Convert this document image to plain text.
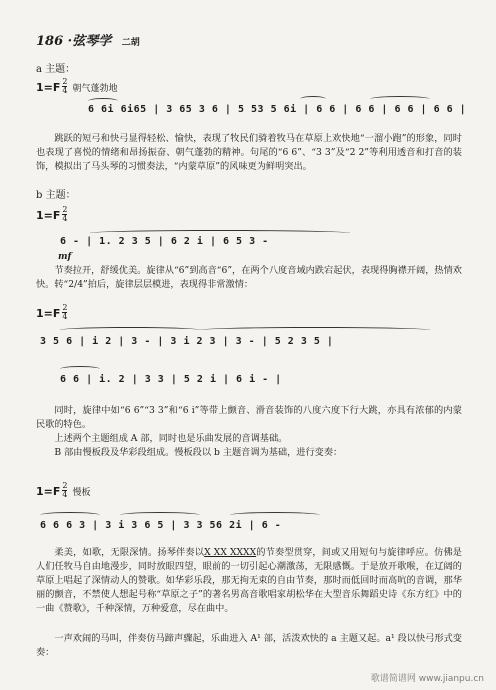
186 ·弦琴学 二胡
a 主题：
$1=F \frac{2}{4}$ 朝气蓬勃地
6 6i 6i65 | 3 65 3 6 | 5 53 5 6i | 6 6 | 6 6 | 6 6 | 6 6 |

跳跃的短弓和快弓显得轻松、愉快，表现了牧民们骑着牧马在草原上欢快地“一溜小跑”的形象，同时也表现了喜悦的情绪和昂扬振奋、朝气蓬勃的精神。句尾的“6 6”、“3 3”及“2 2”等利用透音和打音的装饰，模拟出了马头琴的习惯奏法，“内蒙草原”的风味更为鲜明突出。

b 主题：
$1=F \frac{2}{4}$
6 - | 1. 2 3 5 | 6 2 i | 6 5 3 -
mf

节奏拉开，舒缓优美。旋律从“6”到高音“6”，在两个八度音域内跌宕起伏，表现得胸襟开阔，热情欢快。转“2/4”拍后，旋律层层模进，表现得非常激情：

$1=F \frac{2}{4}$
3 5 6 | i 2 | 3 - | 3 i 2 3 | 3 - | 5 2 3 5 |
6 6 | i. 2 | 3 3 | 5 2 i | 6 i - |

同时，旋律中如“6 6”“3 3”和“6 i”等带上颤音、滑音装饰的八度六度下行大跳，亦具有浓郁的内蒙民歌的特色。

上述两个主题组成 A 部，同时也是乐曲发展的音调基础。

B 部由慢板段及华彩段组成。慢板段以 b 主题音调为基础，进行变奏：

$1=F \frac{2}{4}$ 慢板
6 6 6 3 | 3 i 3 6 5 | 3 3 56 2i | 6 -

柔美，如歌，无限深情。扬琴伴奏以X XX XXXX的节奏型贯穿，间或又用短句与旋律呼应。仿佛是人们任牧马自由地漫步，同时放眼四望，眼前的一切引起心潮激荡，无限感慨。于是放开歌喉，在辽阔的草原上唱起了深情动人的赞歌。如华彩乐段，那无拘无束的自由节奏，那时而低回时而高吭的音调，那华丽的颤音，不禁使人想起号称“草原之子”的著名男高音歌唱家胡松华在大型音乐舞蹈史诗《东方红》中的一曲《赞歌》，千种深情，万种爱意，尽在曲中。

一声欢闹的马叫，伴奏仿马蹄声骤起，乐曲进入 A¹ 部，活泼欢快的 a 主题又起。a¹ 段以快弓形式变奏：

歌谱简谱网 www.jianpu.cn
